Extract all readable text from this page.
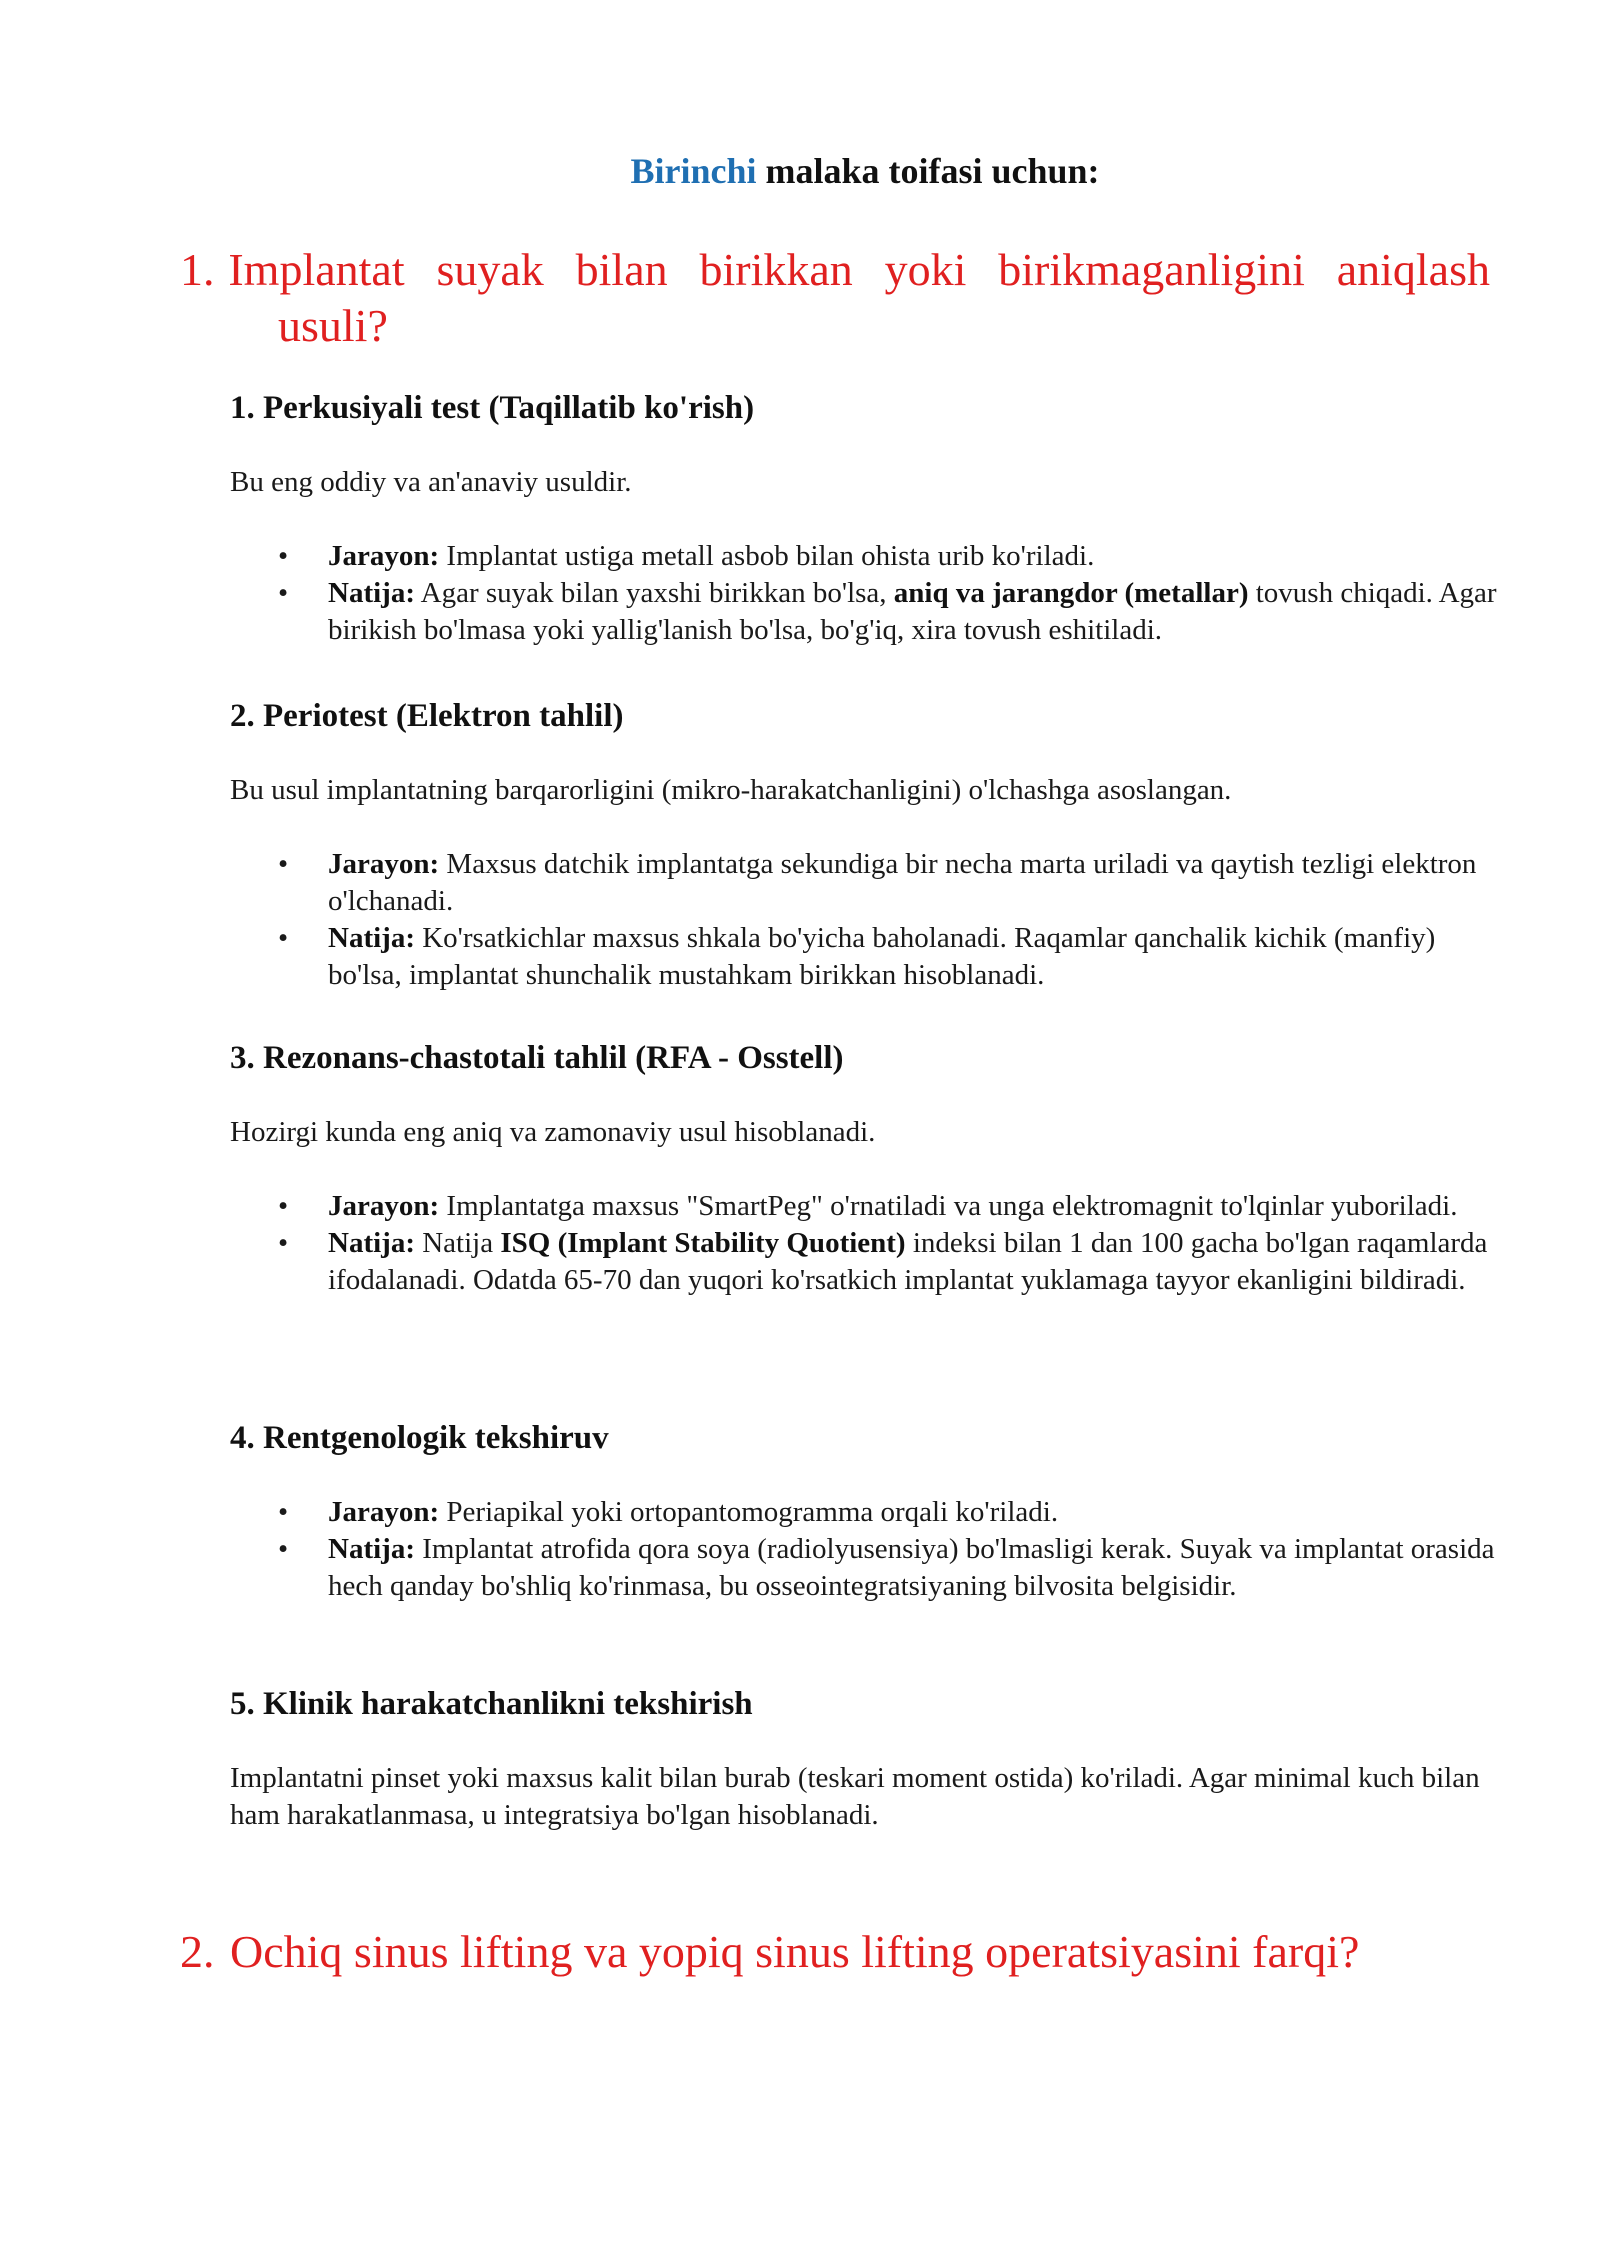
Birinchi malaka toifasi uchun:
1. Implantat suyak bilan birikkan yoki birikmaganligini aniqlash
usuli?
1. Perkusiyali test (Taqillatib ko'rish)

Bu eng oddiy va an'anaviy usuldir.

• Jarayon: Implantat ustiga metall asbob bilan ohista urib ko'riladi.
• Natija: Agar suyak bilan yaxshi birikkan bo'lsa, aniq va jarangdor (metallar) tovush chiqadi. Agar birikish bo'lmasa yoki yallig'lanish bo'lsa, bo'g'iq, xira tovush eshitiladi.
2. Periotest (Elektron tahlil)

Bu usul implantatning barqarorligini (mikro-harakatchanligini) o'lchashga asoslangan.

• Jarayon: Maxsus datchik implantatga sekundiga bir necha marta uriladi va qaytish tezligi elektron o'lchanadi.
• Natija: Ko'rsatkichlar maxsus shkala bo'yicha baholanadi. Raqamlar qanchalik kichik (manfiy) bo'lsa, implantat shunchalik mustahkam birikkan hisoblanadi.
3. Rezonans-chastotali tahlil (RFA - Osstell)

Hozirgi kunda eng aniq va zamonaviy usul hisoblanadi.

• Jarayon: Implantatga maxsus "SmartPeg" o'rnatiladi va unga elektromagnit to'lqinlar yuboriladi.
• Natija: Natija ISQ (Implant Stability Quotient) indeksi bilan 1 dan 100 gacha bo'lgan raqamlarda ifodalanadi. Odatda 65-70 dan yuqori ko'rsatkich implantat yuklamaga tayyor ekanligini bildiradi.
4. Rentgenologik tekshiruv
• Jarayon: Periapikal yoki ortopantomogramma orqali ko'riladi.
• Natija: Implantat atrofida qora soya (radiolyusensiya) bo'lmasligi kerak. Suyak va implantat orasida hech qanday bo'shliq ko'rinmasa, bu osseointegratsiyaning bilvosita belgisidir.
5. Klinik harakatchanlikni tekshirish

Implantatni pinset yoki maxsus kalit bilan burab (teskari moment ostida) ko'riladi. Agar minimal kuch bilan ham harakatlanmasa, u integratsiya bo'lgan hisoblanadi.

2. Ochiq sinus lifting va yopiq sinus lifting operatsiyasini farqi?
